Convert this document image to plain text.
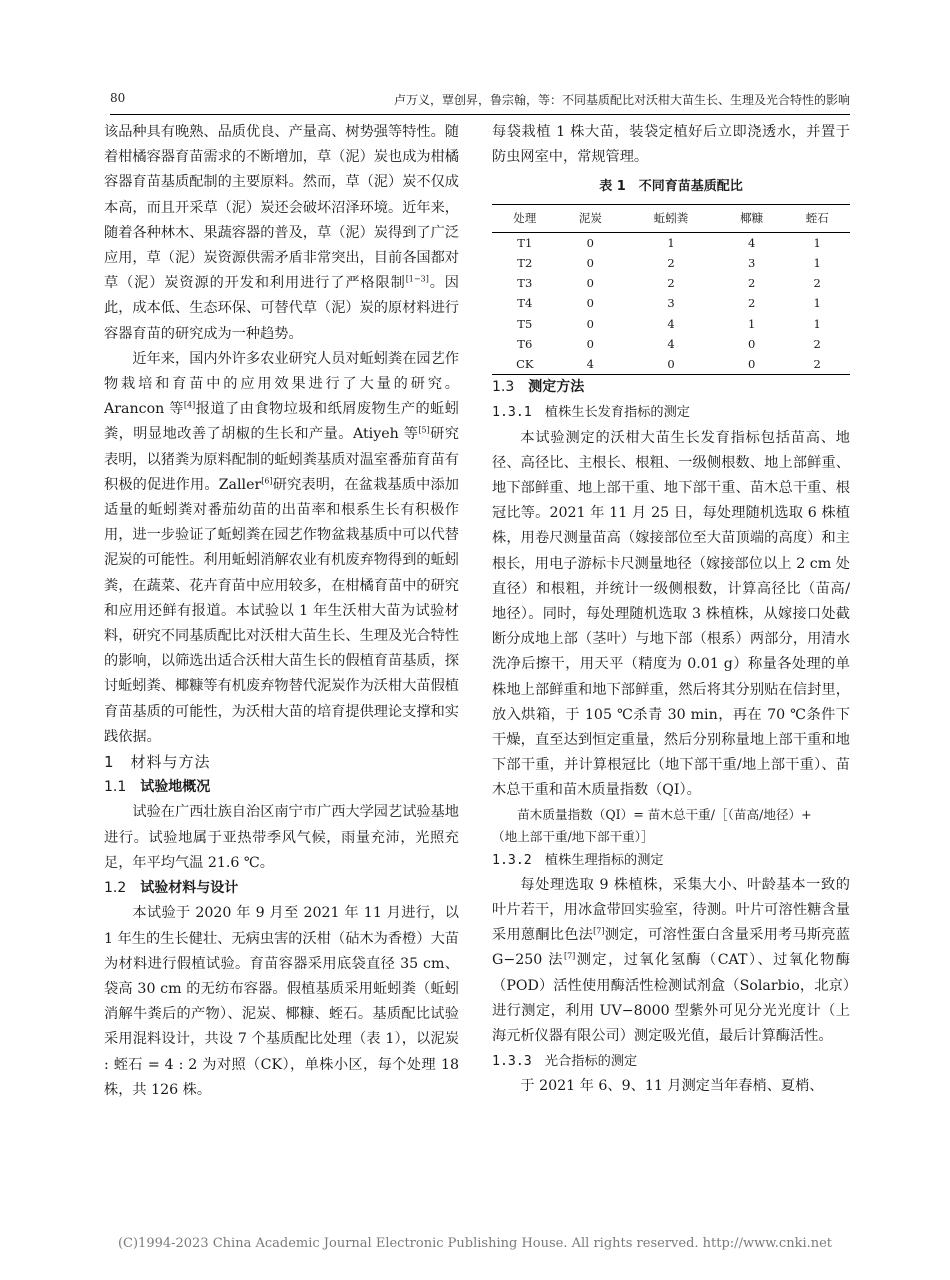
80	卢万义，覃创昇，鲁宗翰，等：不同基质配比对沃柑大苗生长、生理及光合特性的影响

该品种具有晚熟、品质优良、产量高、树势强等特性。随着柑橘容器育苗需求的不断增加，草（泥）炭也成为柑橘容器育苗基质配制的主要原料。然而，草（泥）炭不仅成本高，而且开采草（泥）炭还会破坏沼泽环境。近年来，随着各种林木、果蔬容器的普及，草（泥）炭得到了广泛应用，草（泥）炭资源供需矛盾非常突出，目前各国都对草（泥）炭资源的开发和利用进行了严格限制[1−3]。因此，成本低、生态环保、可替代草（泥）炭的原材料进行容器育苗的研究成为一种趋势。

近年来，国内外许多农业研究人员对蚯蚓粪在园艺作物栽培和育苗中的应用效果进行了大量的研究。Arancon 等[4]报道了由食物垃圾和纸屑废物生产的蚯蚓粪，明显地改善了胡椒的生长和产量。Atiyeh 等[5]研究表明，以猪粪为原料配制的蚯蚓粪基质对温室番茄育苗有积极的促进作用。Zaller[6]研究表明，在盆栽基质中添加适量的蚯蚓粪对番茄幼苗的出苗率和根系生长有积极作用，进一步验证了蚯蚓粪在园艺作物盆栽基质中可以代替泥炭的可能性。利用蚯蚓消解农业有机废弃物得到的蚯蚓粪，在蔬菜、花卉育苗中应用较多，在柑橘育苗中的研究和应用还鲜有报道。本试验以 1 年生沃柑大苗为试验材料，研究不同基质配比对沃柑大苗生长、生理及光合特性的影响，以筛选出适合沃柑大苗生长的假植育苗基质，探讨蚯蚓粪、椰糠等有机废弃物替代泥炭作为沃柑大苗假植育苗基质的可能性，为沃柑大苗的培育提供理论支撑和实践依据。

1　材料与方法

1.1　 试验地概况

试验在广西壮族自治区南宁市广西大学园艺试验基地进行。试验地属于亚热带季风气候，雨量充沛，光照充足，年平均气温 21.6 ℃。

1.2　 试验材料与设计

本试验于 2020 年 9 月至 2021 年 11 月进行，以 1 年生的生长健壮、无病虫害的沃柑（砧木为香橙）大苗为材料进行假植试验。育苗容器采用底袋直径 35 cm、袋高 30 cm 的无纺布容器。假植基质采用蚯蚓粪（蚯蚓消解牛粪后的产物）、泥炭、椰糠、蛭石。基质配比试验采用混料设计，共设 7 个基质配比处理（表 1），以泥炭 : 蛭石 = 4 : 2 为对照（CK），单株小区，每个处理 18 株，共 126 株。

每袋栽植 1 株大苗，装袋定植好后立即浇透水，并置于防虫网室中，常规管理。

表 1　不同育苗基质配比
处理	泥炭	蚯蚓粪	椰糠	蛭石
T1	0	1	4	1
T2	0	2	3	1
T3	0	2	2	2
T4	0	3	2	1
T5	0	4	1	1
T6	0	4	0	2
CK	4	0	0	2

1.3　 测定方法

1.3.1　植株生长发育指标的测定

本试验测定的沃柑大苗生长发育指标包括苗高、地径、高径比、主根长、根粗、一级侧根数、地上部鲜重、地下部鲜重、地上部干重、地下部干重、苗木总干重、根冠比等。2021 年 11 月 25 日，每处理随机选取 6 株植株，用卷尺测量苗高（嫁接部位至大苗顶端的高度）和主根长，用电子游标卡尺测量地径（嫁接部位以上 2 cm 处直径）和根粗，并统计一级侧根数，计算高径比（苗高/地径）。同时，每处理随机选取 3 株植株，从嫁接口处截断分成地上部（茎叶）与地下部（根系）两部分，用清水洗净后擦干，用天平（精度为 0.01 g）称量各处理的单株地上部鲜重和地下部鲜重，然后将其分别贴在信封里，放入烘箱，于 105 ℃杀青 30 min，再在 70 ℃条件下干燥，直至达到恒定重量，然后分别称量地上部干重和地下部干重，并计算根冠比（地下部干重/地上部干重）、苗木总干重和苗木质量指数（QI）。

苗木质量指数（QI）= 苗木总干重/［（苗高/地径）+

（地上部干重/地下部干重）］

1.3.2　植株生理指标的测定

每处理选取 9 株植株，采集大小、叶龄基本一致的叶片若干，用冰盒带回实验室，待测。叶片可溶性糖含量采用蒽酮比色法[7]测定，可溶性蛋白含量采用考马斯亮蓝 G−250 法[7]测定，过氧化氢酶（CAT）、过氧化物酶（POD）活性使用酶活性检测试剂盒（Solarbio，北京）进行测定，利用 UV−8000 型紫外可见分光光度计（上海元析仪器有限公司）测定吸光值，最后计算酶活性。

1.3.3　光合指标的测定

于 2021 年 6、9、11 月测定当年春梢、夏梢、

(C)1994-2023 China Academic Journal Electronic Publishing House. All rights reserved. http://www.cnki.net
